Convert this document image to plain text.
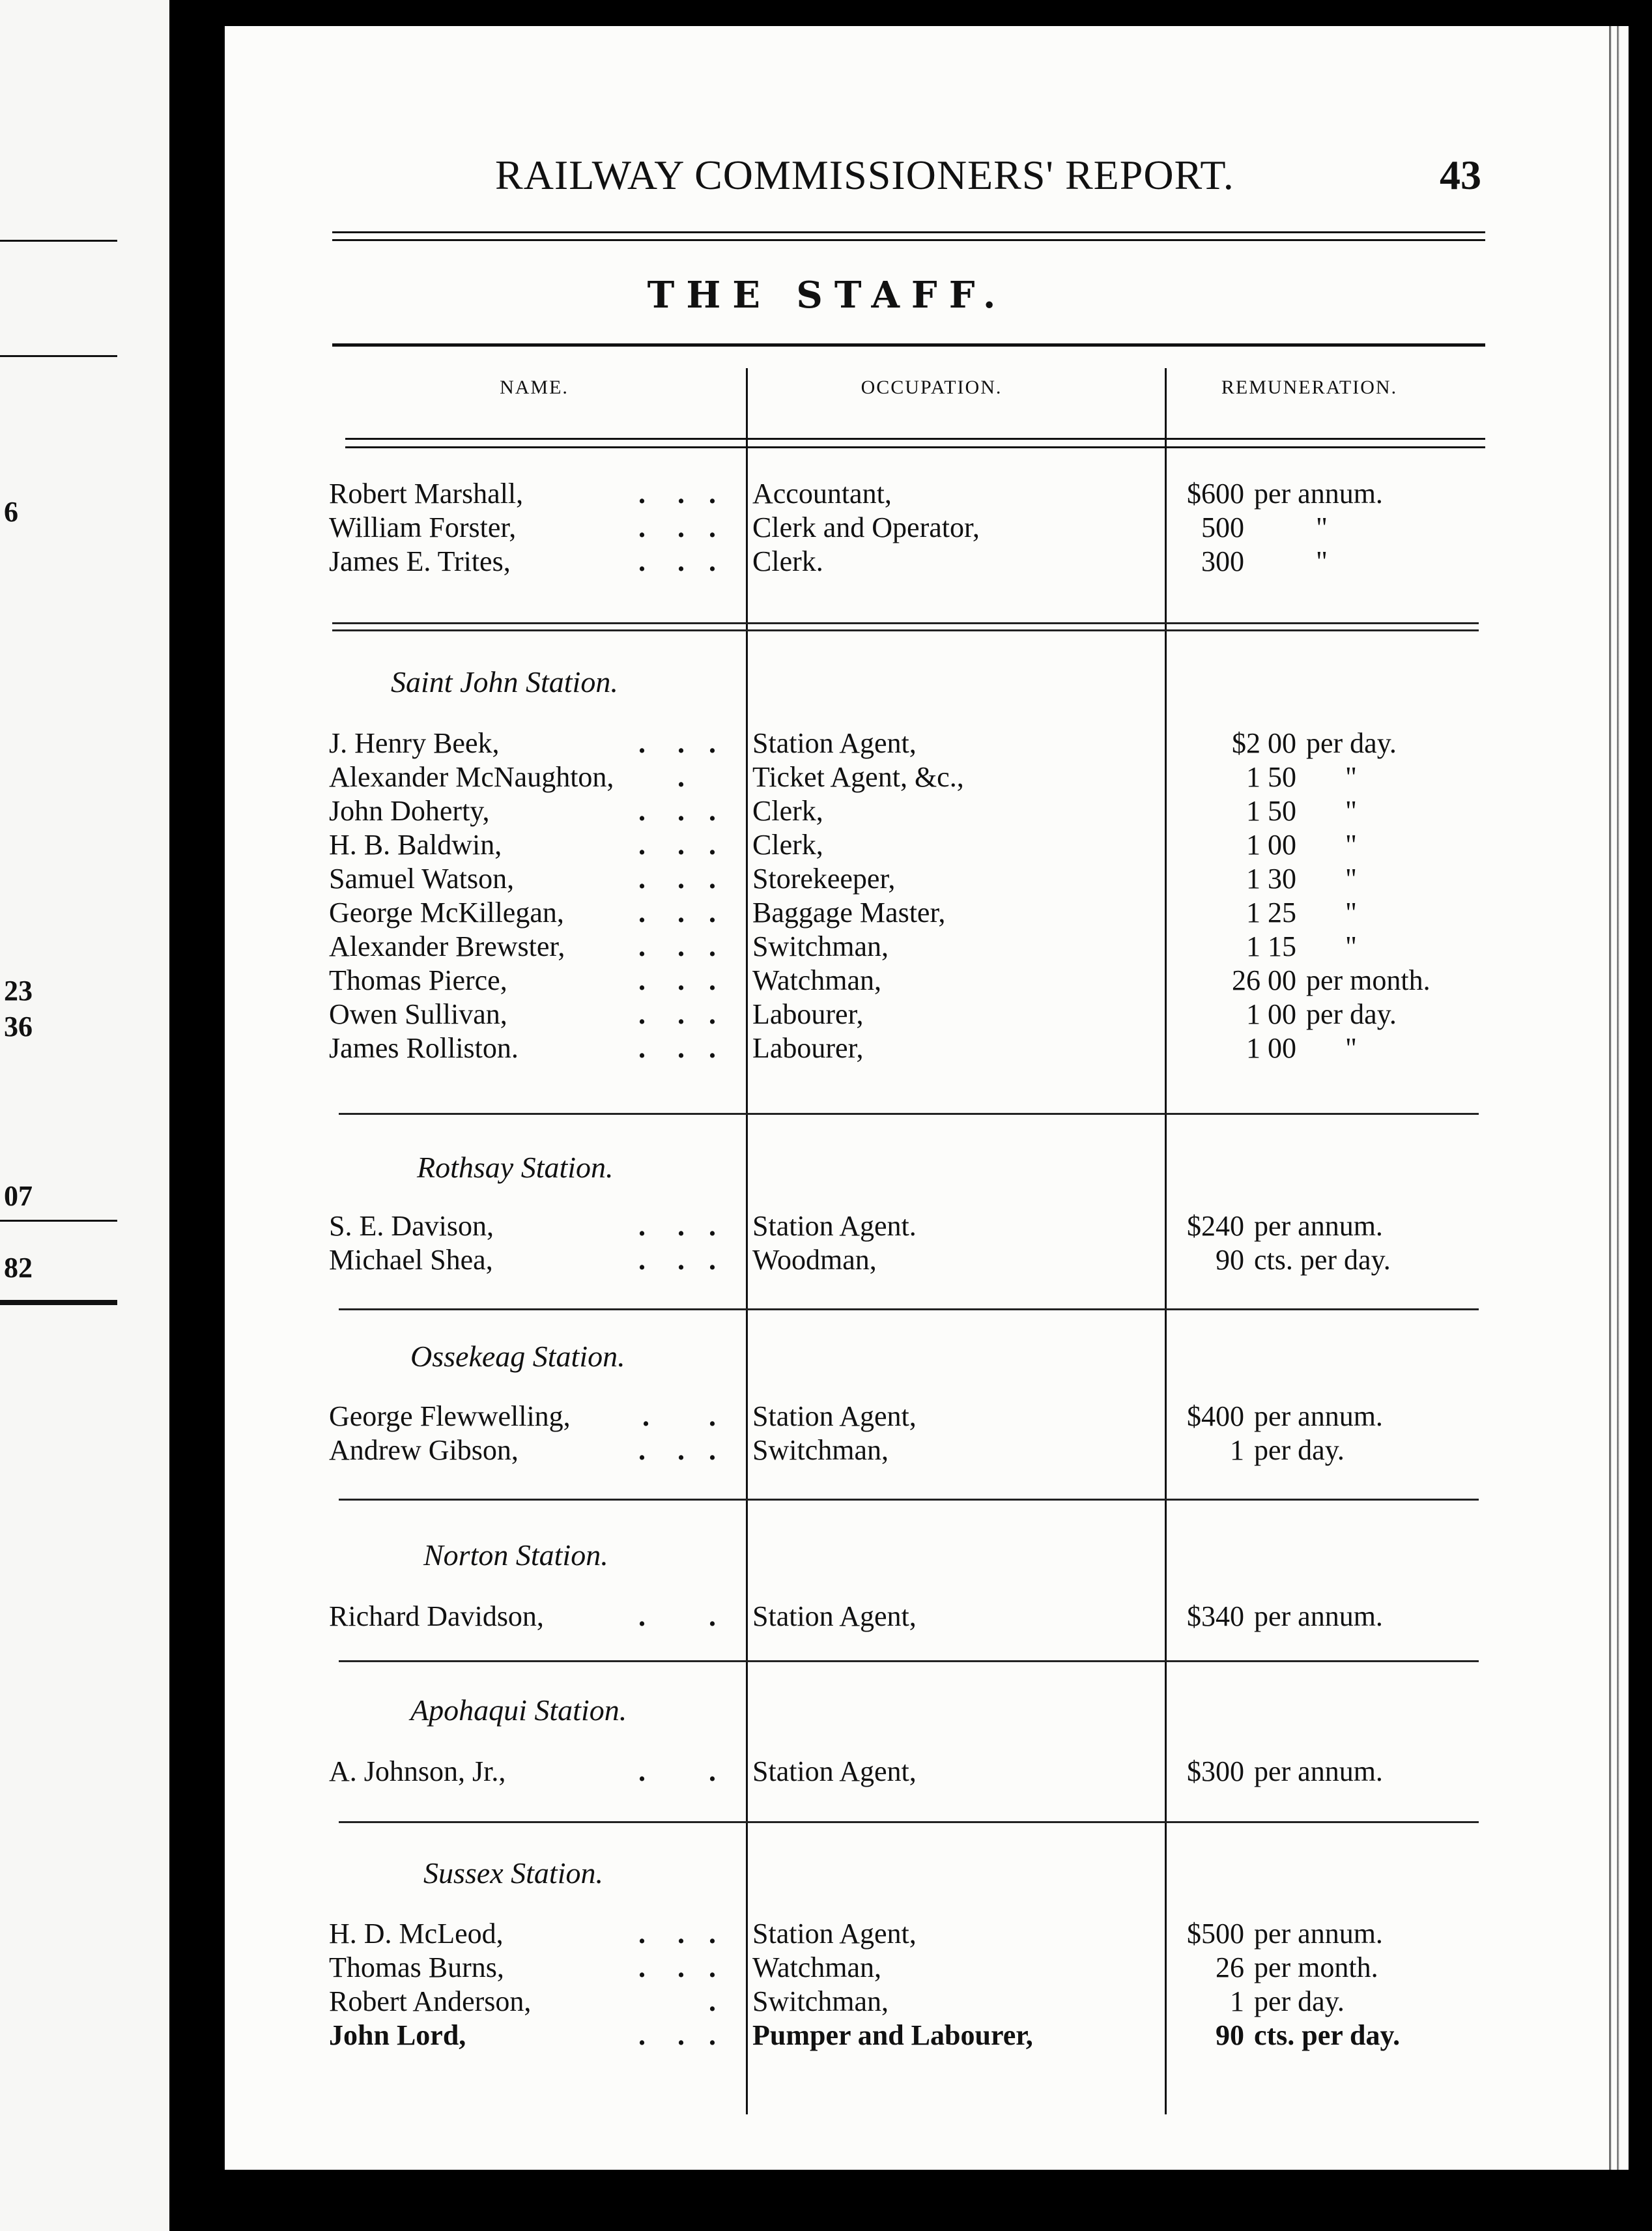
6
23
36
07
82
RAILWAY COMMISSIONERS' REPORT.	43
THE STAFF.
NAME.	OCCUPATION.	REMUNERATION.
Robert Marshall,	. . . Accountant,	$600 per annum.
William Forster,	. . . Clerk and Operator,	500	"
James E. Trites,	. . . Clerk.	300	"
Saint John Station.
J. Henry Beek,	. . . Station Agent,	$2 00 per day.
Alexander McNaughton, . Ticket Agent, &c.,	1 50 "
John Doherty,	. . . Clerk,	1 50 "
H. B. Baldwin,	. . . Clerk,	1 00 "
Samuel Watson,	. . . Storekeeper,	1 30 "
George McKillegan,	. . . Baggage Master,	1 25 "
Alexander Brewster,	. . . Switchman,	1 15 "
Thomas Pierce,	. . . Watchman,	26 00 per month.
Owen Sullivan,	. . . Labourer,	1 00 per day.
James Rolliston.	. . . Labourer,	1 00 "
Rothsay Station.
S. E. Davison,	. . . Station Agent.	$240 per annum.
Michael Shea,	. . . Woodman,	90 cts. per day.
Ossekeag Station.
George Flewwelling,	. . Station Agent,	$400 per annum.
Andrew Gibson,	. . . Switchman,	1 per day.
Norton Station.
Richard Davidson,	. . Station Agent,	$340 per annum.
Apohaqui Station.
A. Johnson, Jr.,	. . Station Agent,	$300 per annum.
Sussex Station.
H. D. McLeod,	. . . Station Agent,	$500 per annum.
Thomas Burns,	. . . Watchman,	26 per month.
Robert Anderson,	. Switchman,	1 per day.
John Lord,	. . . Pumper and Labourer,	90 cts. per day.
